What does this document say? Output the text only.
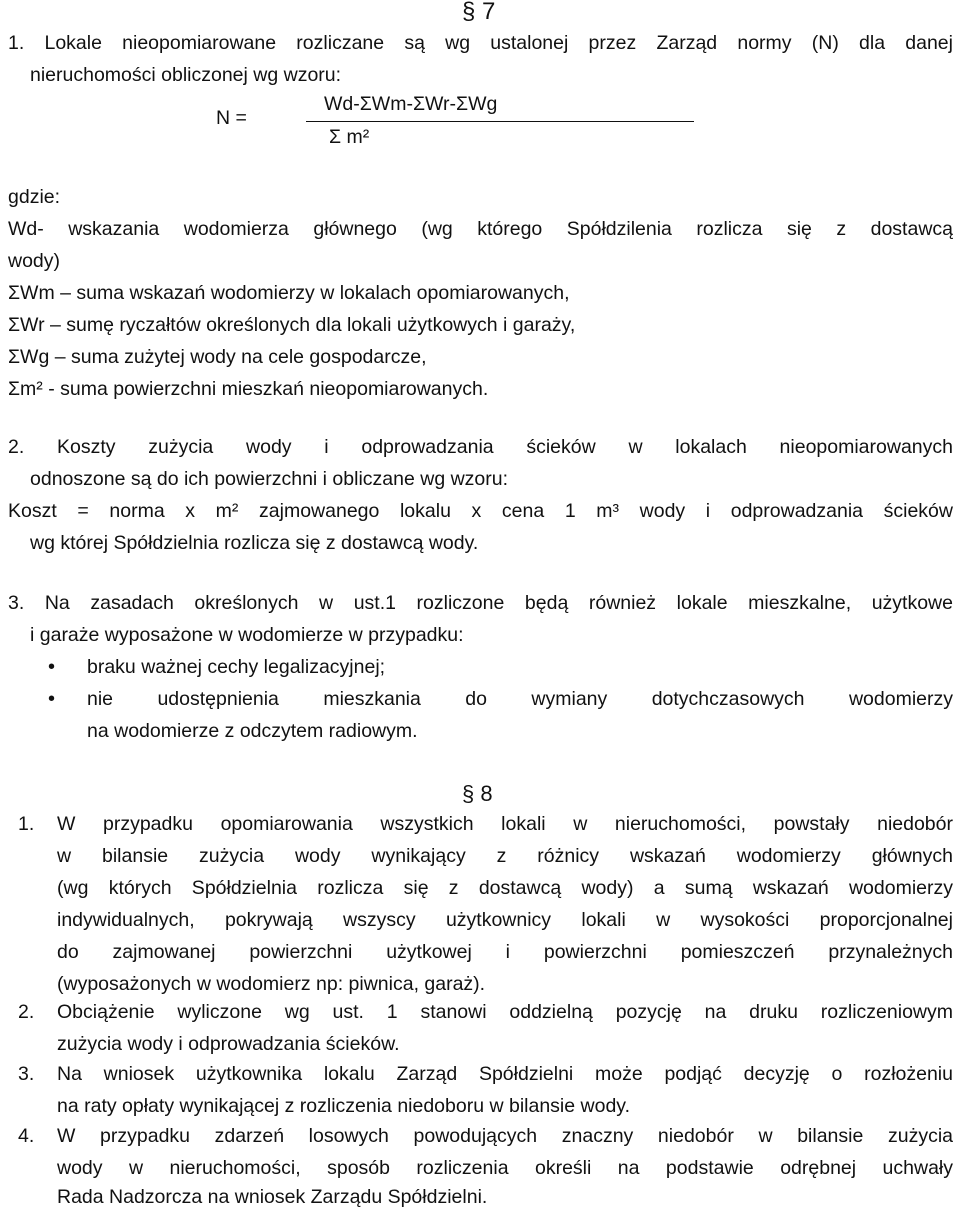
§ 7
1. Lokale nieopomiarowane rozliczane są wg ustalonej przez Zarząd normy (N) dla danej
nieruchomości obliczonej wg wzoru:
N =
Wd-ΣWm-ΣWr-ΣWg
Σ m²
gdzie:
Wd- wskazania wodomierza głównego (wg którego Spółdzilenia rozlicza się z dostawcą
wody)
ΣWm – suma wskazań wodomierzy w lokalach opomiarowanych,
ΣWr – sumę ryczałtów określonych dla lokali użytkowych i garaży,
ΣWg – suma zużytej wody na cele gospodarcze,
Σm² - suma powierzchni mieszkań nieopomiarowanych.
2. Koszty zużycia wody i odprowadzania ścieków w lokalach nieopomiarowanych
odnoszone są do ich powierzchni i obliczane wg wzoru:
Koszt = norma x m² zajmowanego lokalu x cena 1 m³ wody i odprowadzania ścieków
wg której Spółdzielnia rozlicza się z dostawcą wody.
3. Na zasadach określonych w ust.1 rozliczone będą również lokale mieszkalne, użytkowe
i garaże wyposażone w wodomierze w przypadku:
• braku ważnej cechy legalizacyjnej;
• nie udostępnienia mieszkania do wymiany dotychczasowych wodomierzy
na wodomierze z odczytem radiowym.
§ 8
1. W przypadku opomiarowania wszystkich lokali w nieruchomości, powstały niedobór
w bilansie zużycia wody wynikający z różnicy wskazań wodomierzy głównych
(wg których Spółdzielnia rozlicza się z dostawcą wody) a sumą wskazań wodomierzy
indywidualnych, pokrywają wszyscy użytkownicy lokali w wysokości proporcjonalnej
do zajmowanej powierzchni użytkowej i powierzchni pomieszczeń przynależnych
(wyposażonych w wodomierz np: piwnica, garaż).
2. Obciążenie wyliczone wg ust. 1 stanowi oddzielną pozycję na druku rozliczeniowym
zużycia wody i odprowadzania ścieków.
3. Na wniosek użytkownika lokalu Zarząd Spółdzielni może podjąć decyzję o rozłożeniu
na raty opłaty wynikającej z rozliczenia niedoboru w bilansie wody.
4. W przypadku zdarzeń losowych powodujących znaczny niedobór w bilansie zużycia
wody w nieruchomości, sposób rozliczenia określi na podstawie odrębnej uchwały
Rada Nadzorcza na wniosek Zarządu Spółdzielni.
